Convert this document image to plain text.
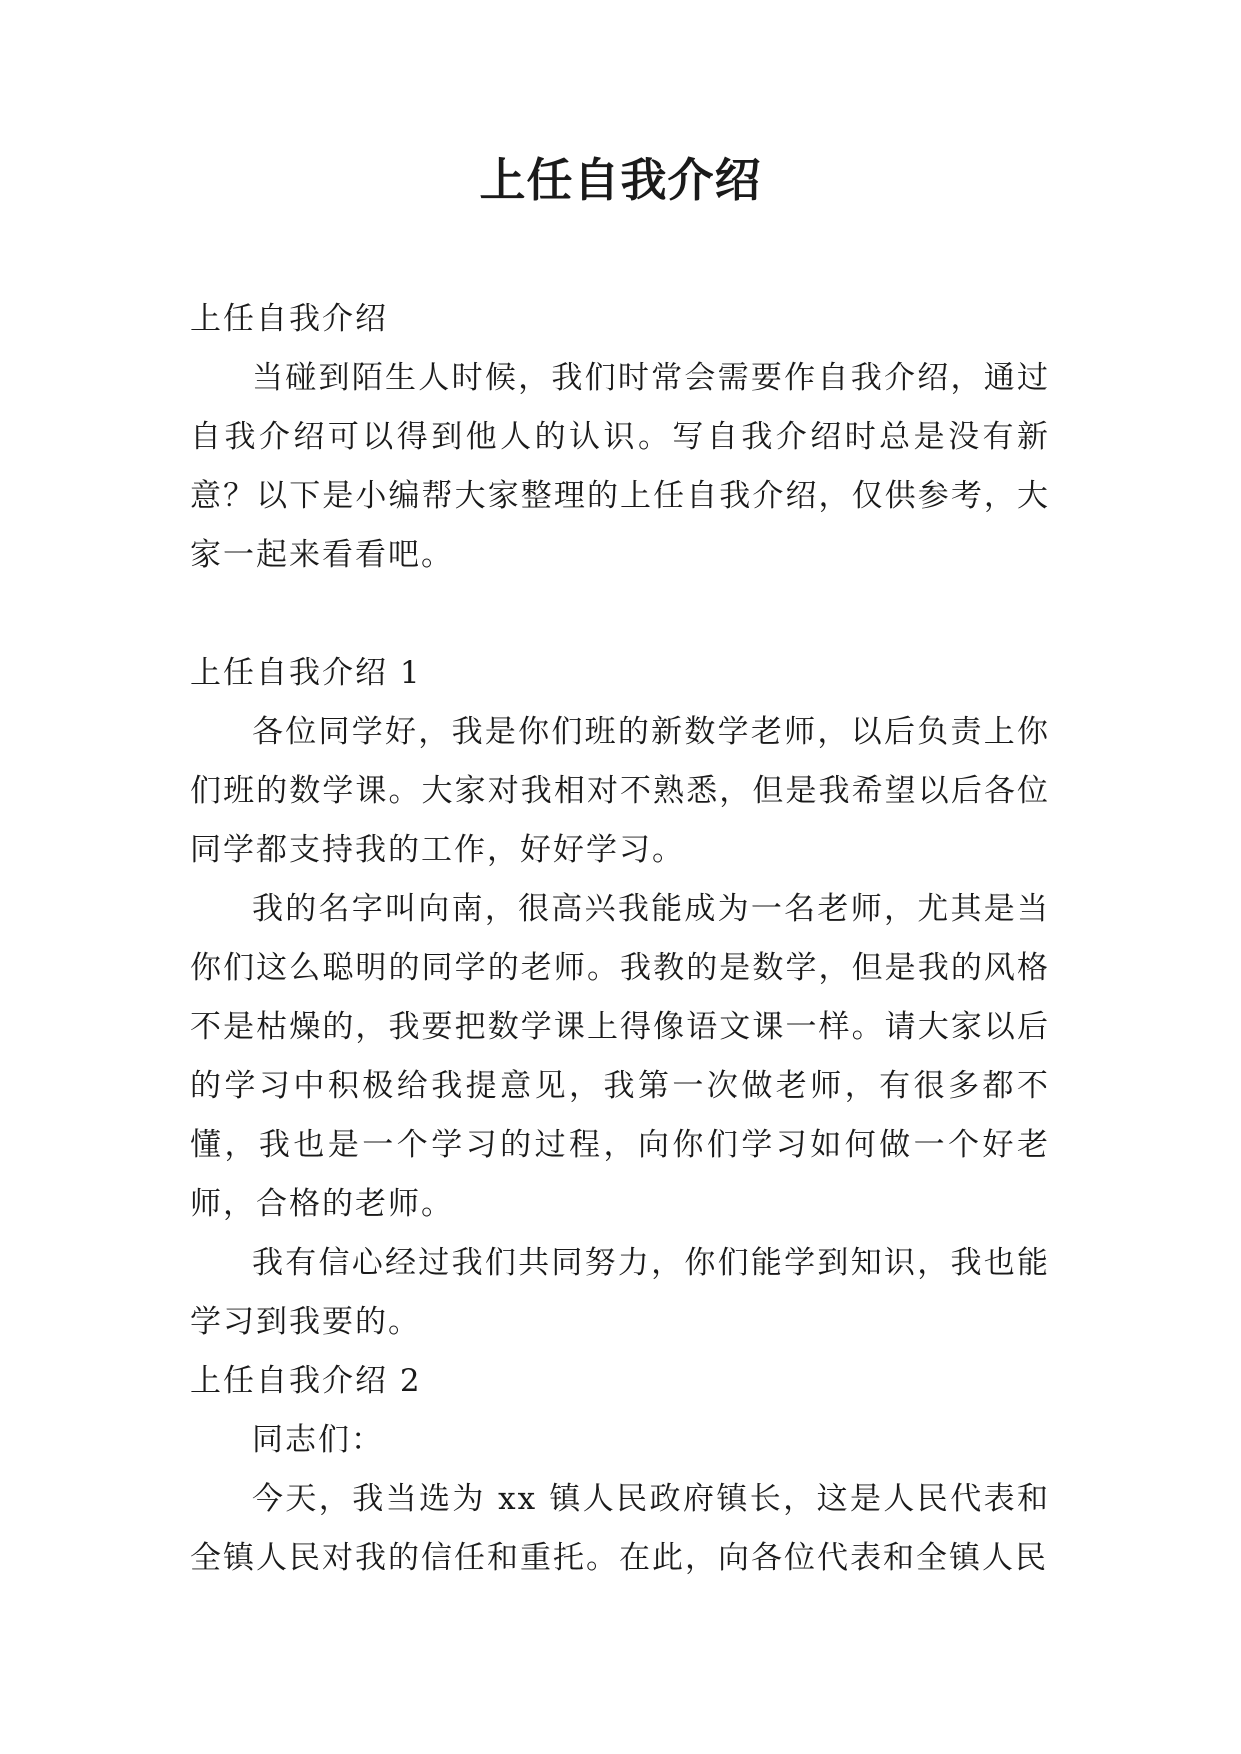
上任自我介绍

上任自我介绍

当碰到陌生人时候，我们时常会需要作自我介绍，通过自我介绍可以得到他人的认识。写自我介绍时总是没有新意？以下是小编帮大家整理的上任自我介绍，仅供参考，大家一起来看看吧。

上任自我介绍 1

各位同学好，我是你们班的新数学老师，以后负责上你们班的数学课。大家对我相对不熟悉，但是我希望以后各位同学都支持我的工作，好好学习。

我的名字叫向南，很高兴我能成为一名老师，尤其是当你们这么聪明的同学的老师。我教的是数学，但是我的风格不是枯燥的，我要把数学课上得像语文课一样。请大家以后的学习中积极给我提意见，我第一次做老师，有很多都不懂，我也是一个学习的过程，向你们学习如何做一个好老师，合格的老师。

我有信心经过我们共同努力，你们能学到知识，我也能学习到我要的。

上任自我介绍 2

同志们：

今天，我当选为 xx 镇人民政府镇长，这是人民代表和全镇人民对我的信任和重托。在此，向各位代表和全镇人民
